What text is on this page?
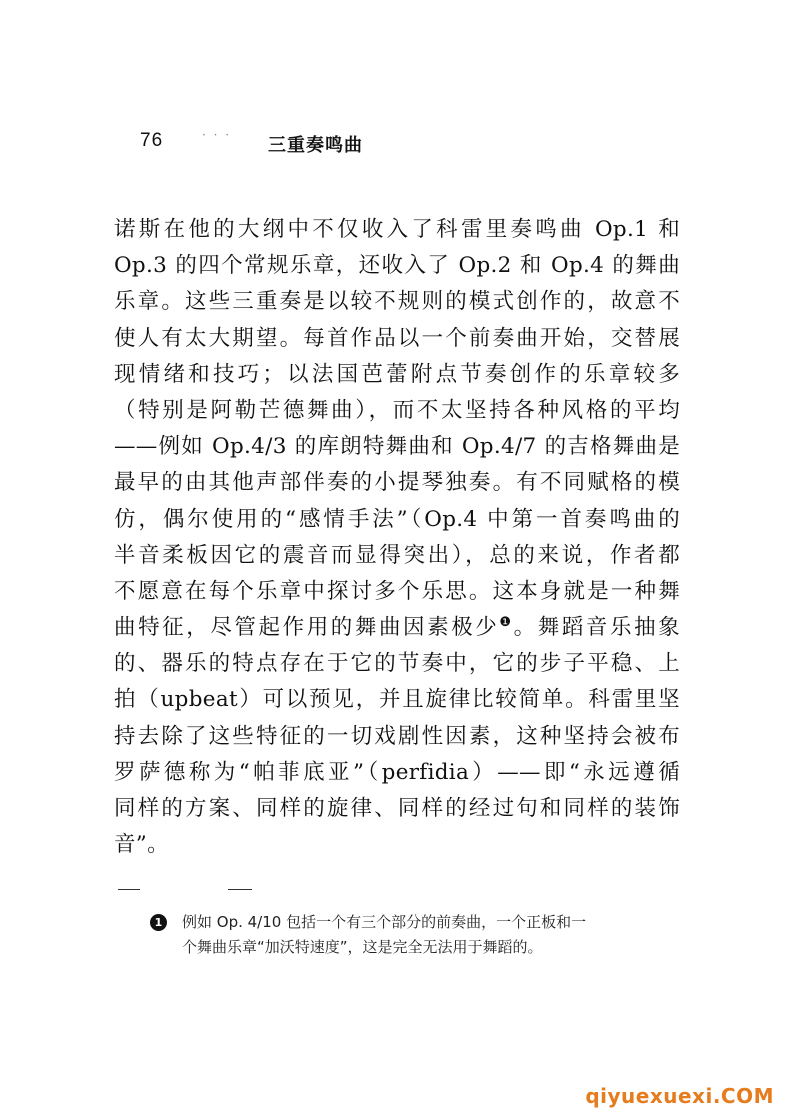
76	· · · 三重奏鸣曲
诺斯在他的大纲中不仅收入了科雷里奏鸣曲 Op.1 和
Op.3 的四个常规乐章，还收入了 Op.2 和 Op.4 的舞曲
乐章。这些三重奏是以较不规则的模式创作的，故意不
使人有太大期望。每首作品以一个前奏曲开始，交替展
现情绪和技巧；以法国芭蕾附点节奏创作的乐章较多
（特别是阿勒芒德舞曲），而不太坚持各种风格的平均
——例如 Op.4/3 的库朗特舞曲和 Op.4/7 的吉格舞曲是
最早的由其他声部伴奏的小提琴独奏。有不同赋格的模
仿，偶尔使用的“感情手法”（Op.4 中第一首奏鸣曲的
半音柔板因它的震音而显得突出），总的来说，作者都
不愿意在每个乐章中探讨多个乐思。这本身就是一种舞
曲特征，尽管起作用的舞曲因素极少$^❶$。舞蹈音乐抽象
的、器乐的特点存在于它的节奏中，它的步子平稳、上
拍（upbeat）可以预见，并且旋律比较简单。科雷里坚
持去除了这些特征的一切戏剧性因素，这种坚持会被布
罗萨德称为“帕菲底亚”（perfidia）——即“永远遵循
同样的方案、同样的旋律、同样的经过句和同样的装饰
音”。
1	例如 Op. 4/10 包括一个有三个部分的前奏曲，一个正板和一
个舞曲乐章“加沃特速度”，这是完全无法用于舞蹈的。
qiyuexuexi.COM
